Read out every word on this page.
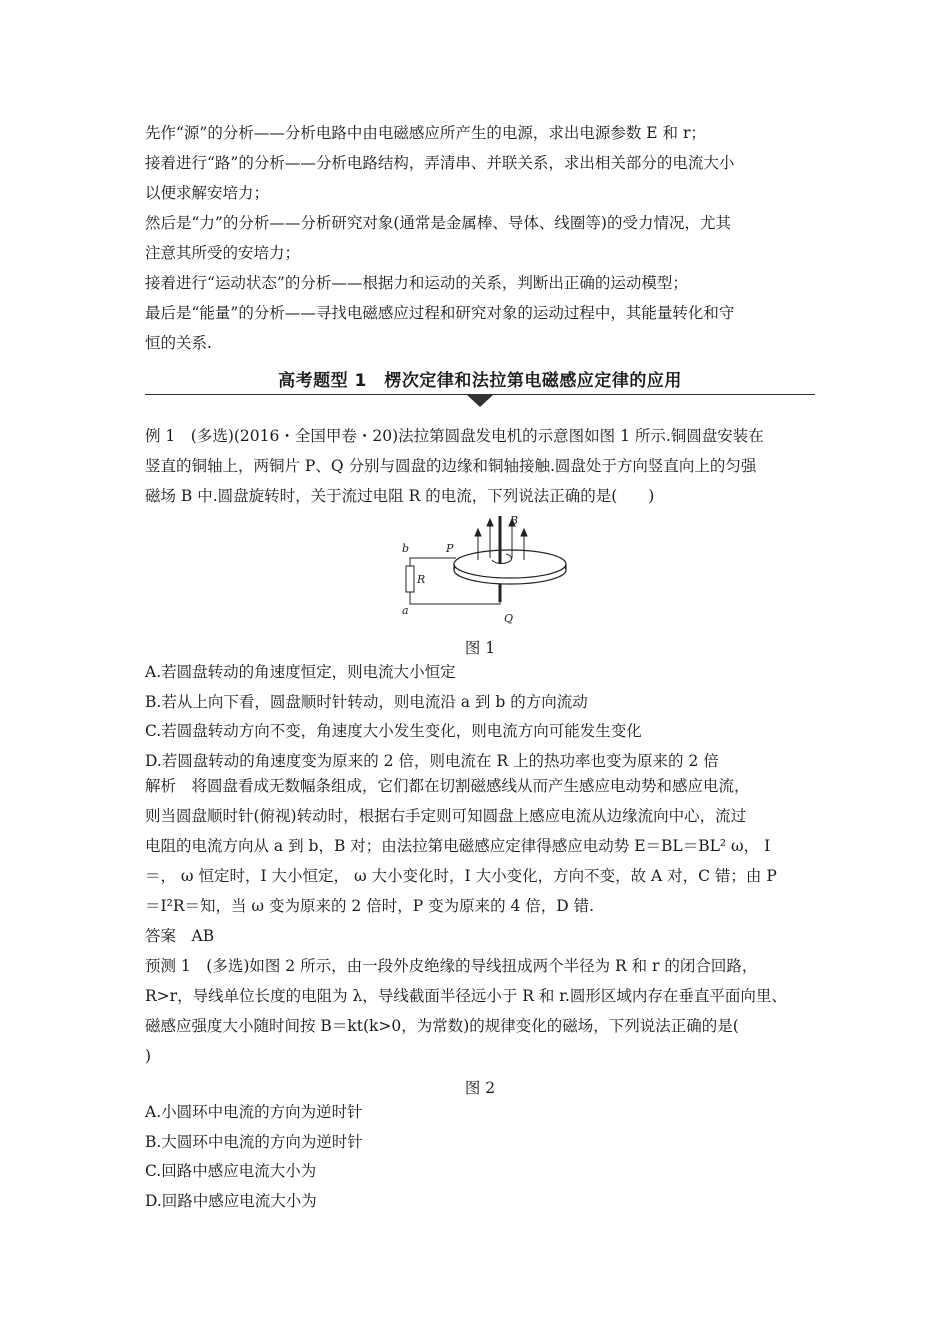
先作“源”的分析——分析电路中由电磁感应所产生的电源，求出电源参数 E 和 r；
接着进行“路”的分析——分析电路结构，弄清串、并联关系，求出相关部分的电流大小
以便求解安培力；
然后是“力”的分析——分析研究对象(通常是金属棒、导体、线圈等)的受力情况，尤其
注意其所受的安培力；
接着进行“运动状态”的分析——根据力和运动的关系，判断出正确的运动模型；
最后是“能量”的分析——寻找电磁感应过程和研究对象的运动过程中，其能量转化和守
恒的关系.
高考题型 1　楞次定律和法拉第电磁感应定律的应用
例 1　(多选)(2016・全国甲卷・20)法拉第圆盘发电机的示意图如图 1 所示.铜圆盘安装在
竖直的铜轴上，两铜片 P、Q 分别与圆盘的边缘和铜轴接触.圆盘处于方向竖直向上的匀强
磁场 B 中.圆盘旋转时，关于流过电阻 R 的电流，下列说法正确的是(　　)
b
R
a
P
Q
B
图 1
A.若圆盘转动的角速度恒定，则电流大小恒定
B.若从上向下看，圆盘顺时针转动，则电流沿 a 到 b 的方向流动
C.若圆盘转动方向不变，角速度大小发生变化，则电流方向可能发生变化
D.若圆盘转动的角速度变为原来的 2 倍，则电流在 R 上的热功率也变为原来的 2 倍
解析　将圆盘看成无数幅条组成，它们都在切割磁感线从而产生感应电动势和感应电流，
则当圆盘顺时针(俯视)转动时，根据右手定则可知圆盘上感应电流从边缘流向中心，流过
电阻的电流方向从 a 到 b，B 对；由法拉第电磁感应定律得感应电动势 E＝BL＝BL² ω， I
＝， ω 恒定时，I 大小恒定， ω 大小变化时，I 大小变化，方向不变，故 A 对，C 错；由 P
＝I²R＝知，当 ω 变为原来的 2 倍时，P 变为原来的 4 倍，D 错.
答案　AB
预测 1　(多选)如图 2 所示，由一段外皮绝缘的导线扭成两个半径为 R 和 r 的闭合回路，
R>r，导线单位长度的电阻为 λ，导线截面半径远小于 R 和 r.圆形区域内存在垂直平面向里、
磁感应强度大小随时间按 B＝kt(k>0，为常数)的规律变化的磁场，下列说法正确的是(
)
图 2
A.小圆环中电流的方向为逆时针
B.大圆环中电流的方向为逆时针
C.回路中感应电流大小为
D.回路中感应电流大小为
